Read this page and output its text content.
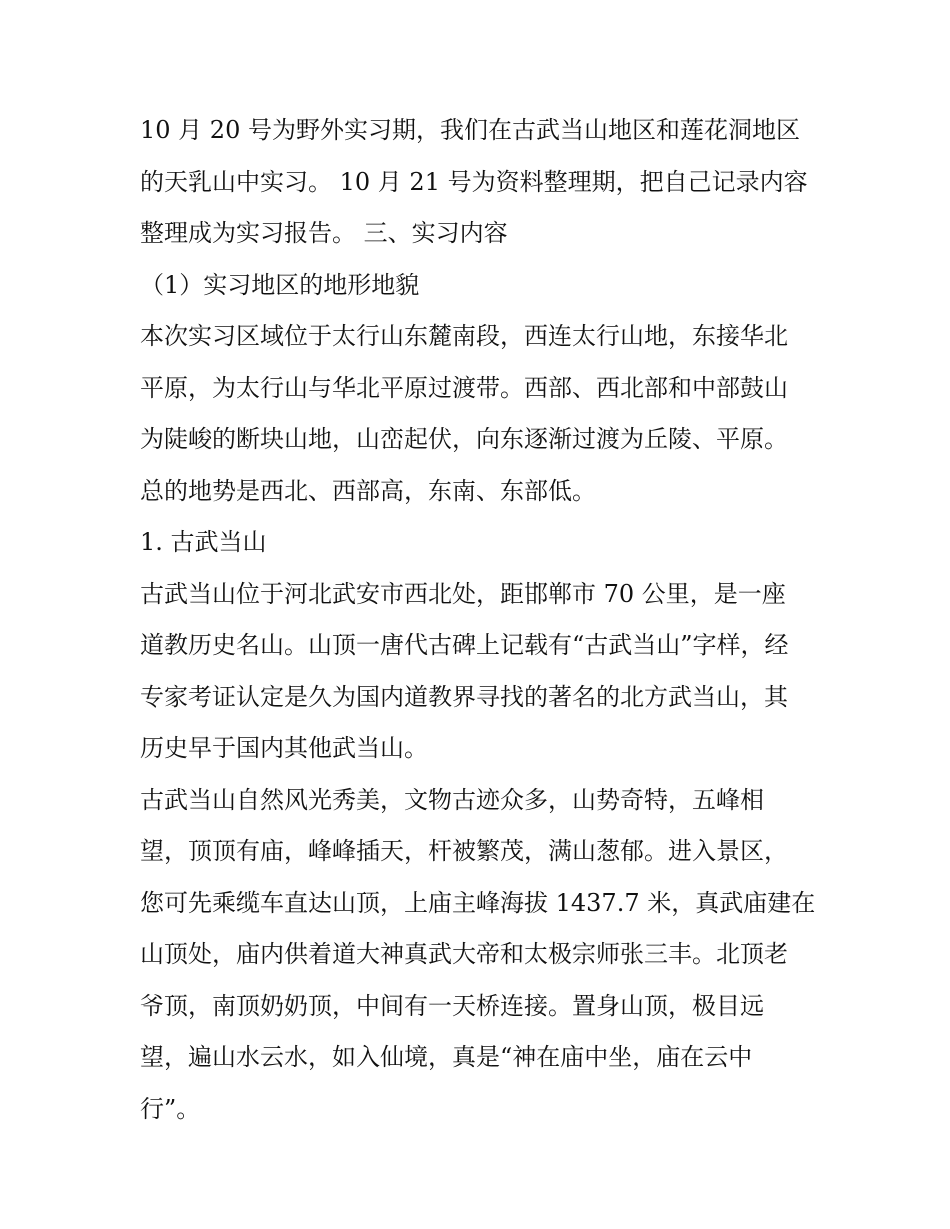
10 月 20 号为野外实习期，我们在古武当山地区和莲花洞地区
的天乳山中实习。 10 月 21 号为资料整理期，把自己记录内容
整理成为实习报告。 三、实习内容
（1）实习地区的地形地貌
本次实习区域位于太行山东麓南段，西连太行山地，东接华北
平原，为太行山与华北平原过渡带。西部、西北部和中部鼓山
为陡峻的断块山地，山峦起伏，向东逐渐过渡为丘陵、平原。
总的地势是西北、西部高，东南、东部低。
1. 古武当山
古武当山位于河北武安市西北处，距邯郸市 70 公里，是一座
道教历史名山。山顶一唐代古碑上记载有“古武当山”字样，经
专家考证认定是久为国内道教界寻找的著名的北方武当山，其
历史早于国内其他武当山。
古武当山自然风光秀美，文物古迹众多，山势奇特，五峰相
望，顶顶有庙，峰峰插天，杆被繁茂，满山葱郁。进入景区，
您可先乘缆车直达山顶，上庙主峰海拔 1437.7 米，真武庙建在
山顶处，庙内供着道大神真武大帝和太极宗师张三丰。北顶老
爷顶，南顶奶奶顶，中间有一天桥连接。置身山顶，极目远
望，遍山水云水，如入仙境，真是“神在庙中坐，庙在云中
行”。
